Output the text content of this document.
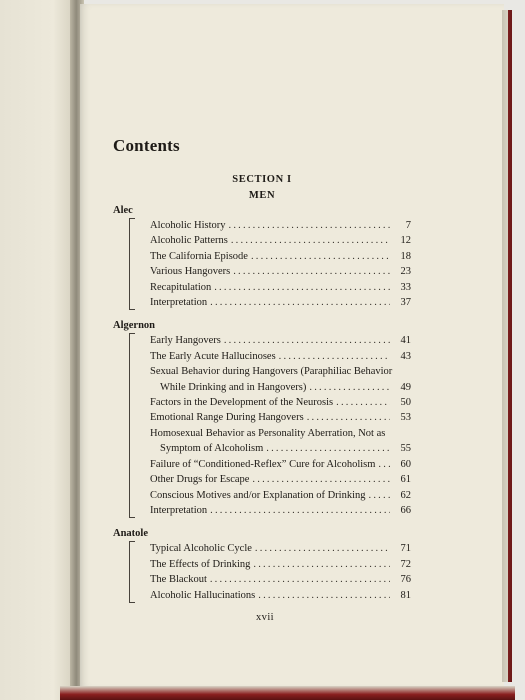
Contents
SECTION I
MEN
Alec
Alcoholic History .....	7
Alcoholic Patterns .....	12
The California Episode .....	18
Various Hangovers .....	23
Recapitulation .....	33
Interpretation .....	37
Algernon
Early Hangovers .....	41
The Early Acute Hallucinoses .....	43
Sexual Behavior during Hangovers (Paraphiliac Behavior
While Drinking and in Hangovers) .....	49
Factors in the Development of the Neurosis .....	50
Emotional Range During Hangovers .....	53
Homosexual Behavior as Personality Aberration, Not as
Symptom of Alcoholism .....	55
Failure of “Conditioned-Reflex” Cure for Alcoholism .....	60
Other Drugs for Escape .....	61
Conscious Motives and/or Explanation of Drinking .....	62
Interpretation .....	66
Anatole
Typical Alcoholic Cycle .....	71
The Effects of Drinking .....	72
The Blackout .....	76
Alcoholic Hallucinations .....	81
xvii
